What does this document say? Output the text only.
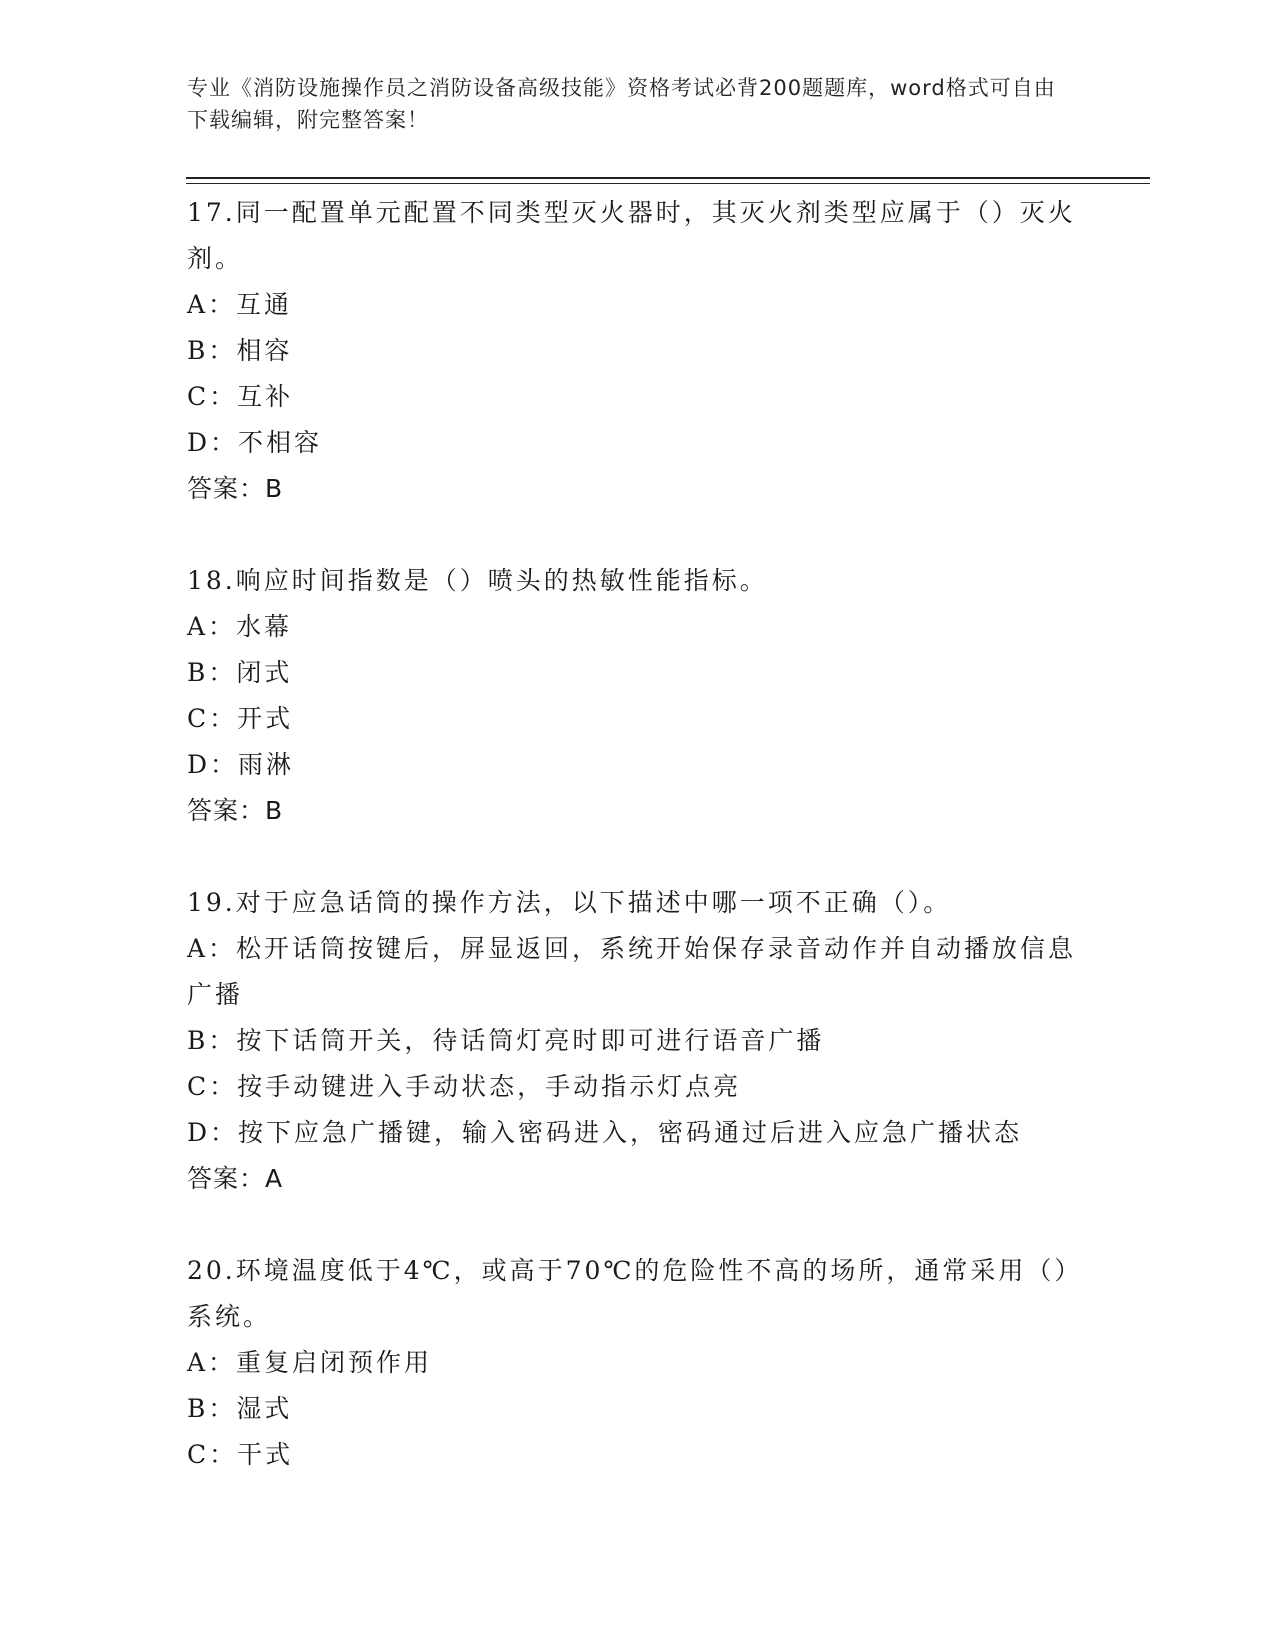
专业《消防设施操作员之消防设备高级技能》资格考试必背200题题库，word格式可自由下载编辑，附完整答案！
17.同一配置单元配置不同类型灭火器时，其灭火剂类型应属于（）灭火剂。
A：互通
B：相容
C：互补
D：不相容
答案：B
18.响应时间指数是（）喷头的热敏性能指标。
A：水幕
B：闭式
C：开式
D：雨淋
答案：B
19.对于应急话筒的操作方法，以下描述中哪一项不正确（）。
A：松开话筒按键后，屏显返回，系统开始保存录音动作并自动播放信息广播
B：按下话筒开关，待话筒灯亮时即可进行语音广播
C：按手动键进入手动状态，手动指示灯点亮
D：按下应急广播键，输入密码进入，密码通过后进入应急广播状态
答案：A
20.环境温度低于4℃，或高于70℃的危险性不高的场所，通常采用（）系统。
A：重复启闭预作用
B：湿式
C：干式
